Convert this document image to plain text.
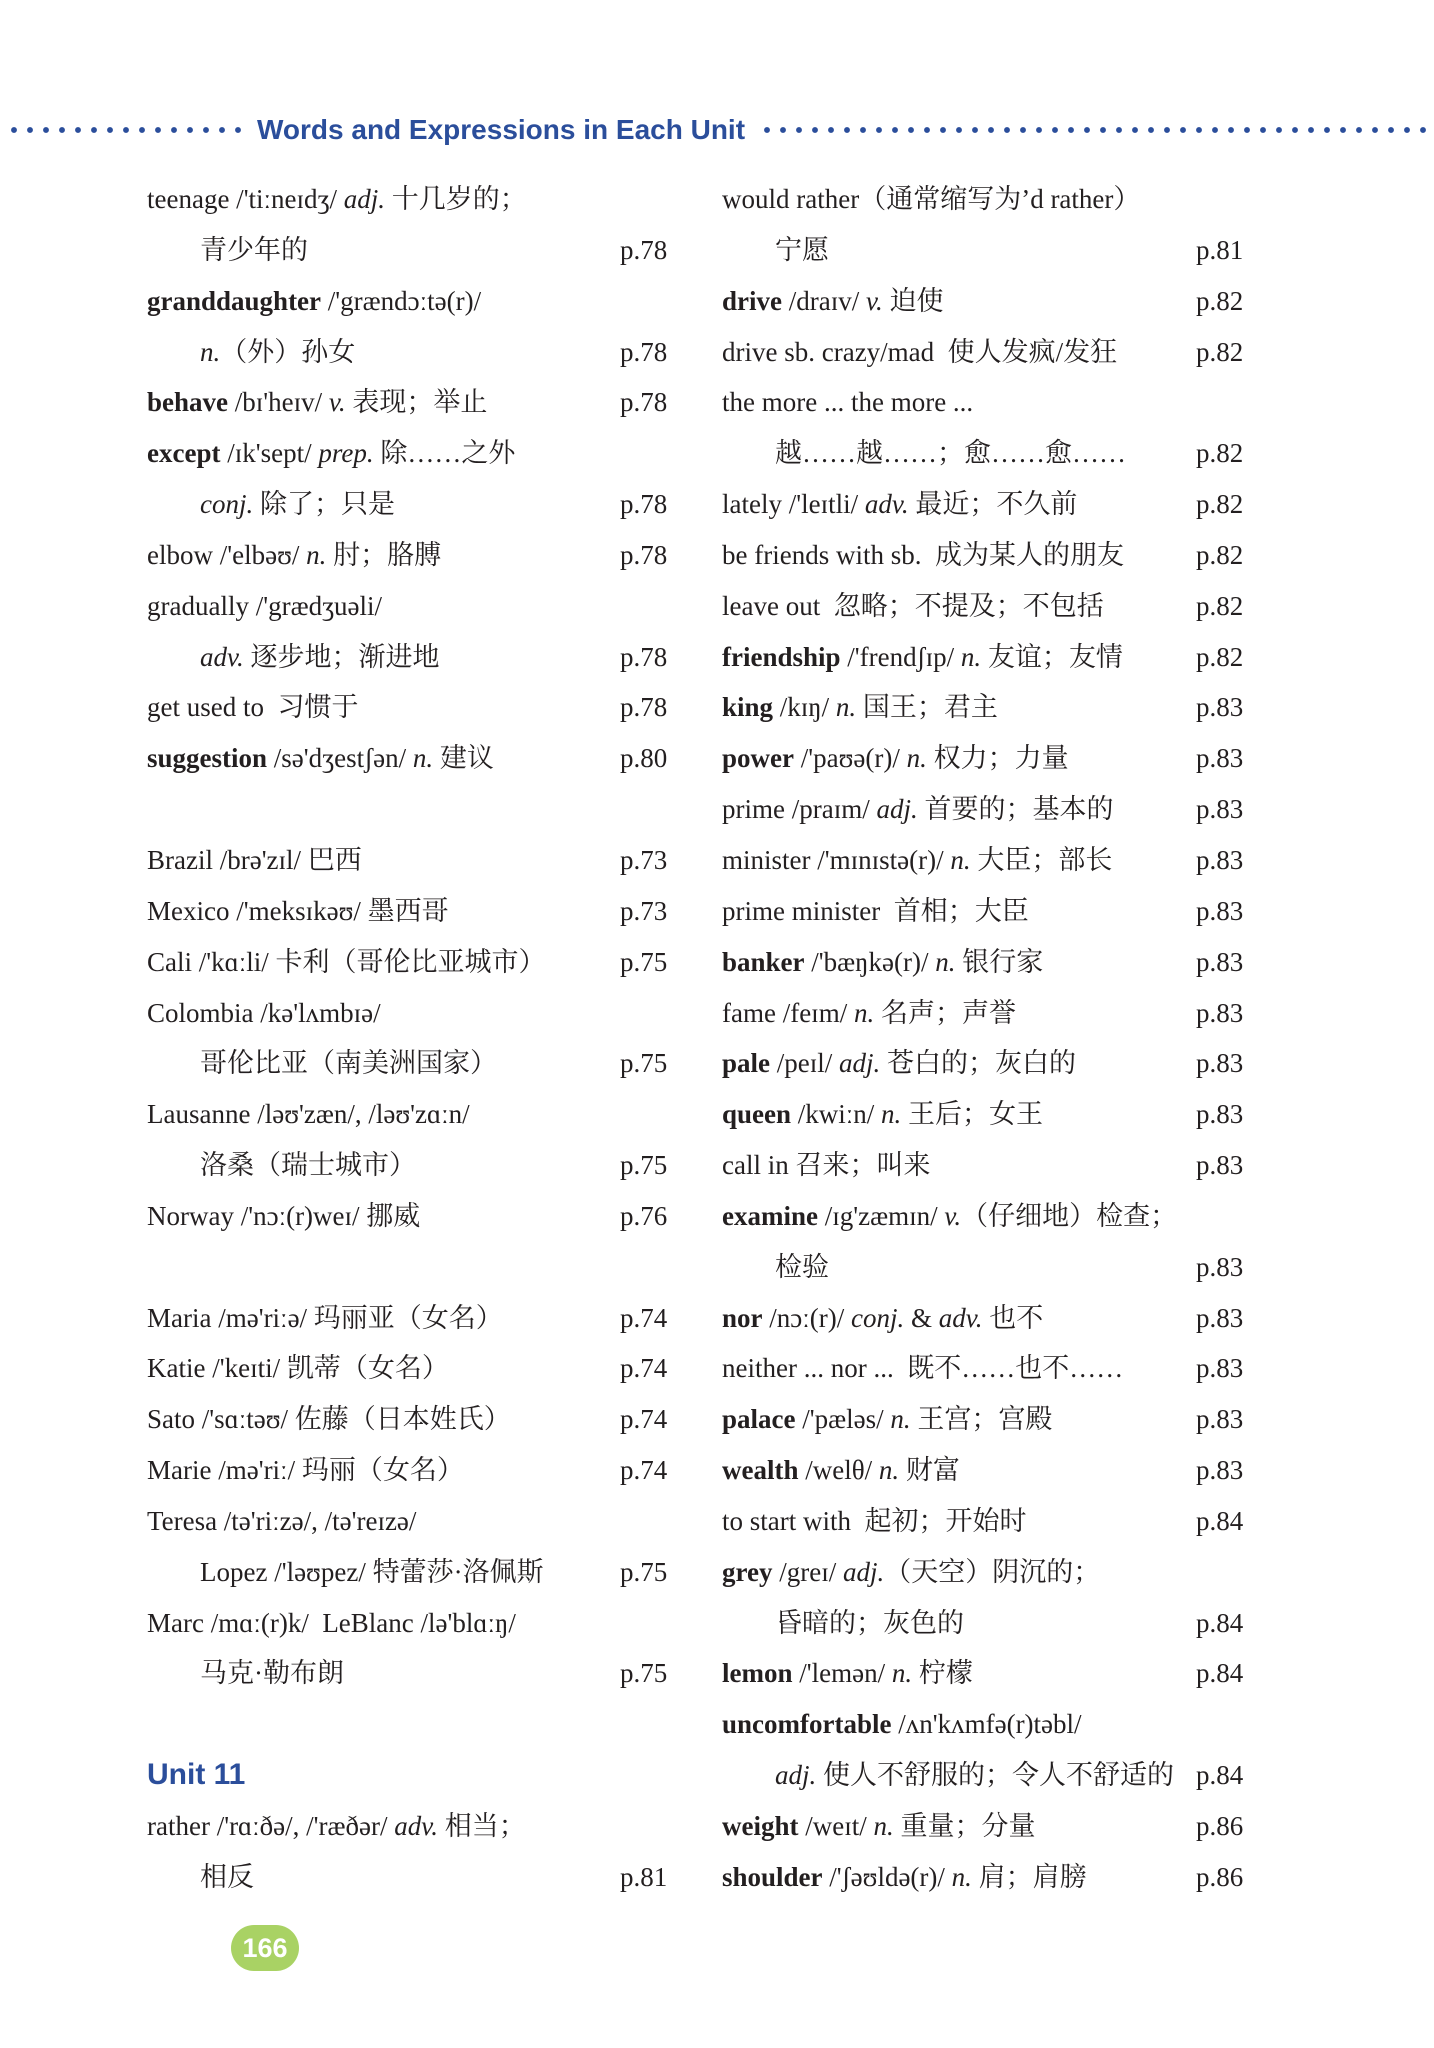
Words and Expressions in Each Unit
teenage /'tiːneɪdʒ/ adj. 十几岁的；
青少年的	p.78
granddaughter /'grændɔːtə(r)/
n.（外）孙女	p.78
behave /bɪ'heɪv/ v. 表现；举止	p.78
except /ɪk'sept/ prep. 除……之外
conj. 除了；只是	p.78
elbow /'elbəʊ/ n. 肘；胳膊	p.78
gradually /'grædʒuəli/
adv. 逐步地；渐进地	p.78
get used to  习惯于	p.78
suggestion /sə'dʒestʃən/ n. 建议	p.80
Brazil /brə'zɪl/ 巴西	p.73
Mexico /'meksɪkəʊ/ 墨西哥	p.73
Cali /'kɑːli/ 卡利（哥伦比亚城市）	p.75
Colombia /kə'lʌmbɪə/
哥伦比亚（南美洲国家）	p.75
Lausanne /ləʊ'zæn/, /ləʊ'zɑːn/
洛桑（瑞士城市）	p.75
Norway /'nɔː(r)weɪ/ 挪威	p.76
Maria /mə'riːə/ 玛丽亚（女名）	p.74
Katie /'keɪti/ 凯蒂（女名）	p.74
Sato /'sɑːtəʊ/ 佐藤（日本姓氏）	p.74
Marie /mə'riː/ 玛丽（女名）	p.74
Teresa /tə'riːzə/, /tə'reɪzə/
Lopez /'ləʊpez/ 特蕾莎·洛佩斯	p.75
Marc /mɑː(r)k/  LeBlanc /lə'blɑːŋ/
马克·勒布朗	p.75
Unit 11
rather /'rɑːðə/, /'ræðər/ adv. 相当；
相反	p.81
would rather（通常缩写为’d rather）
宁愿	p.81
drive /draɪv/ v. 迫使	p.82
drive sb. crazy/mad  使人发疯/发狂	p.82
the more ... the more ...
越……越……；愈……愈……	p.82
lately /'leɪtli/ adv. 最近；不久前	p.82
be friends with sb.  成为某人的朋友	p.82
leave out  忽略；不提及；不包括	p.82
friendship /'frendʃɪp/ n. 友谊；友情	p.82
king /kɪŋ/ n. 国王；君主	p.83
power /'paʊə(r)/ n. 权力；力量	p.83
prime /praɪm/ adj. 首要的；基本的	p.83
minister /'mɪnɪstə(r)/ n. 大臣；部长	p.83
prime minister  首相；大臣	p.83
banker /'bæŋkə(r)/ n. 银行家	p.83
fame /feɪm/ n. 名声；声誉	p.83
pale /peɪl/ adj. 苍白的；灰白的	p.83
queen /kwiːn/ n. 王后；女王	p.83
call in 召来；叫来	p.83
examine /ɪg'zæmɪn/ v.（仔细地）检查；
检验	p.83
nor /nɔː(r)/ conj. & adv. 也不	p.83
neither ... nor ...  既不……也不……	p.83
palace /'pæləs/ n. 王宫；宫殿	p.83
wealth /welθ/ n. 财富	p.83
to start with  起初；开始时	p.84
grey /greɪ/ adj.（天空）阴沉的；
昏暗的；灰色的	p.84
lemon /'lemən/ n. 柠檬	p.84
uncomfortable /ʌn'kʌmfə(r)təbl/
adj. 使人不舒服的；令人不舒适的 p.84
weight /weɪt/ n. 重量；分量	p.86
shoulder /'ʃəʊldə(r)/ n. 肩；肩膀	p.86
166
